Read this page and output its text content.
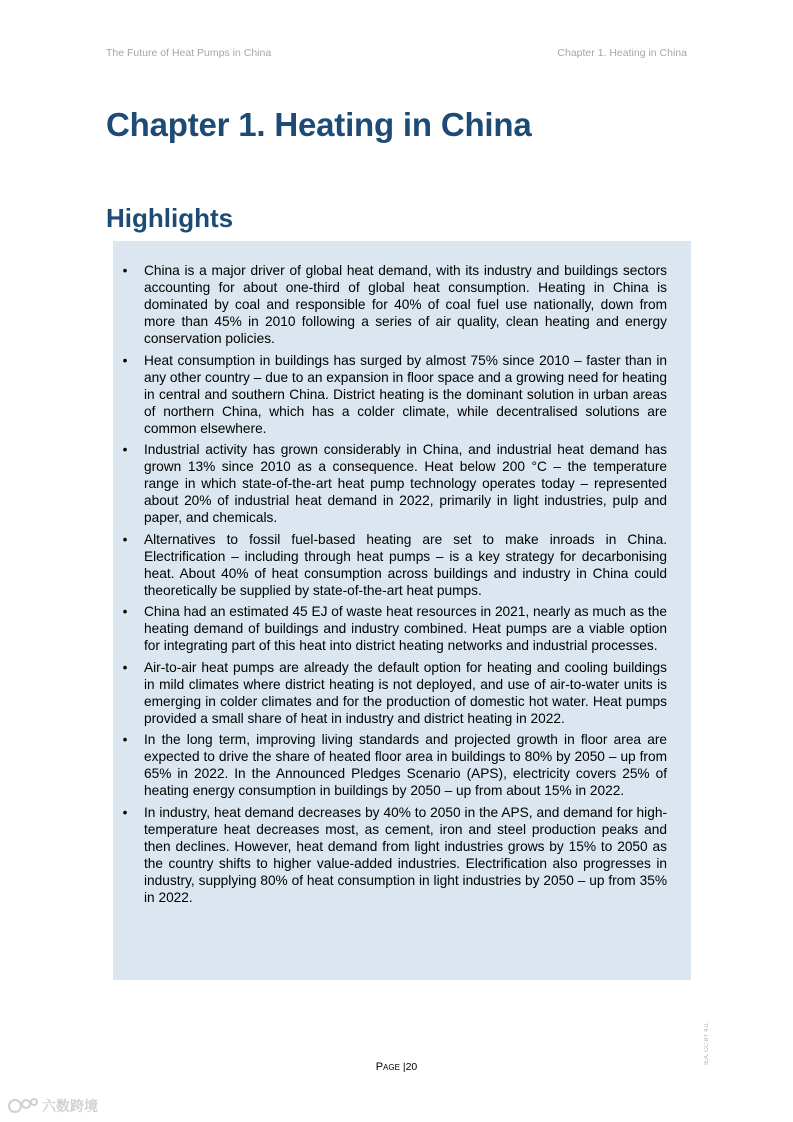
The Future of Heat Pumps in China	Chapter 1. Heating in China
Chapter 1. Heating in China
Highlights
• China is a major driver of global heat demand, with its industry and buildings sectors accounting for about one-third of global heat consumption. Heating in China is dominated by coal and responsible for 40% of coal fuel use nationally, down from more than 45% in 2010 following a series of air quality, clean heating and energy conservation policies.
• Heat consumption in buildings has surged by almost 75% since 2010 – faster than in any other country – due to an expansion in floor space and a growing need for heating in central and southern China. District heating is the dominant solution in urban areas of northern China, which has a colder climate, while decentralised solutions are common elsewhere.
• Industrial activity has grown considerably in China, and industrial heat demand has grown 13% since 2010 as a consequence. Heat below 200 °C – the temperature range in which state-of-the-art heat pump technology operates today – represented about 20% of industrial heat demand in 2022, primarily in light industries, pulp and paper, and chemicals.
• Alternatives to fossil fuel-based heating are set to make inroads in China. Electrification – including through heat pumps – is a key strategy for decarbonising heat. About 40% of heat consumption across buildings and industry in China could theoretically be supplied by state-of-the-art heat pumps.
• China had an estimated 45 EJ of waste heat resources in 2021, nearly as much as the heating demand of buildings and industry combined. Heat pumps are a viable option for integrating part of this heat into district heating networks and industrial processes.
• Air-to-air heat pumps are already the default option for heating and cooling buildings in mild climates where district heating is not deployed, and use of air-to-water units is emerging in colder climates and for the production of domestic hot water. Heat pumps provided a small share of heat in industry and district heating in 2022.
• In the long term, improving living standards and projected growth in floor area are expected to drive the share of heated floor area in buildings to 80% by 2050 – up from 65% in 2022. In the Announced Pledges Scenario (APS), electricity covers 25% of heating energy consumption in buildings by 2050 – up from about 15% in 2022.
• In industry, heat demand decreases by 40% to 2050 in the APS, and demand for high-temperature heat decreases most, as cement, iron and steel production peaks and then declines. However, heat demand from light industries grows by 15% to 2050 as the country shifts to higher value-added industries. Electrification also progresses in industry, supplying 80% of heat consumption in light industries by 2050 – up from 35% in 2022.
IEA. CC BY 4.0.
Page |20
六数跨境
